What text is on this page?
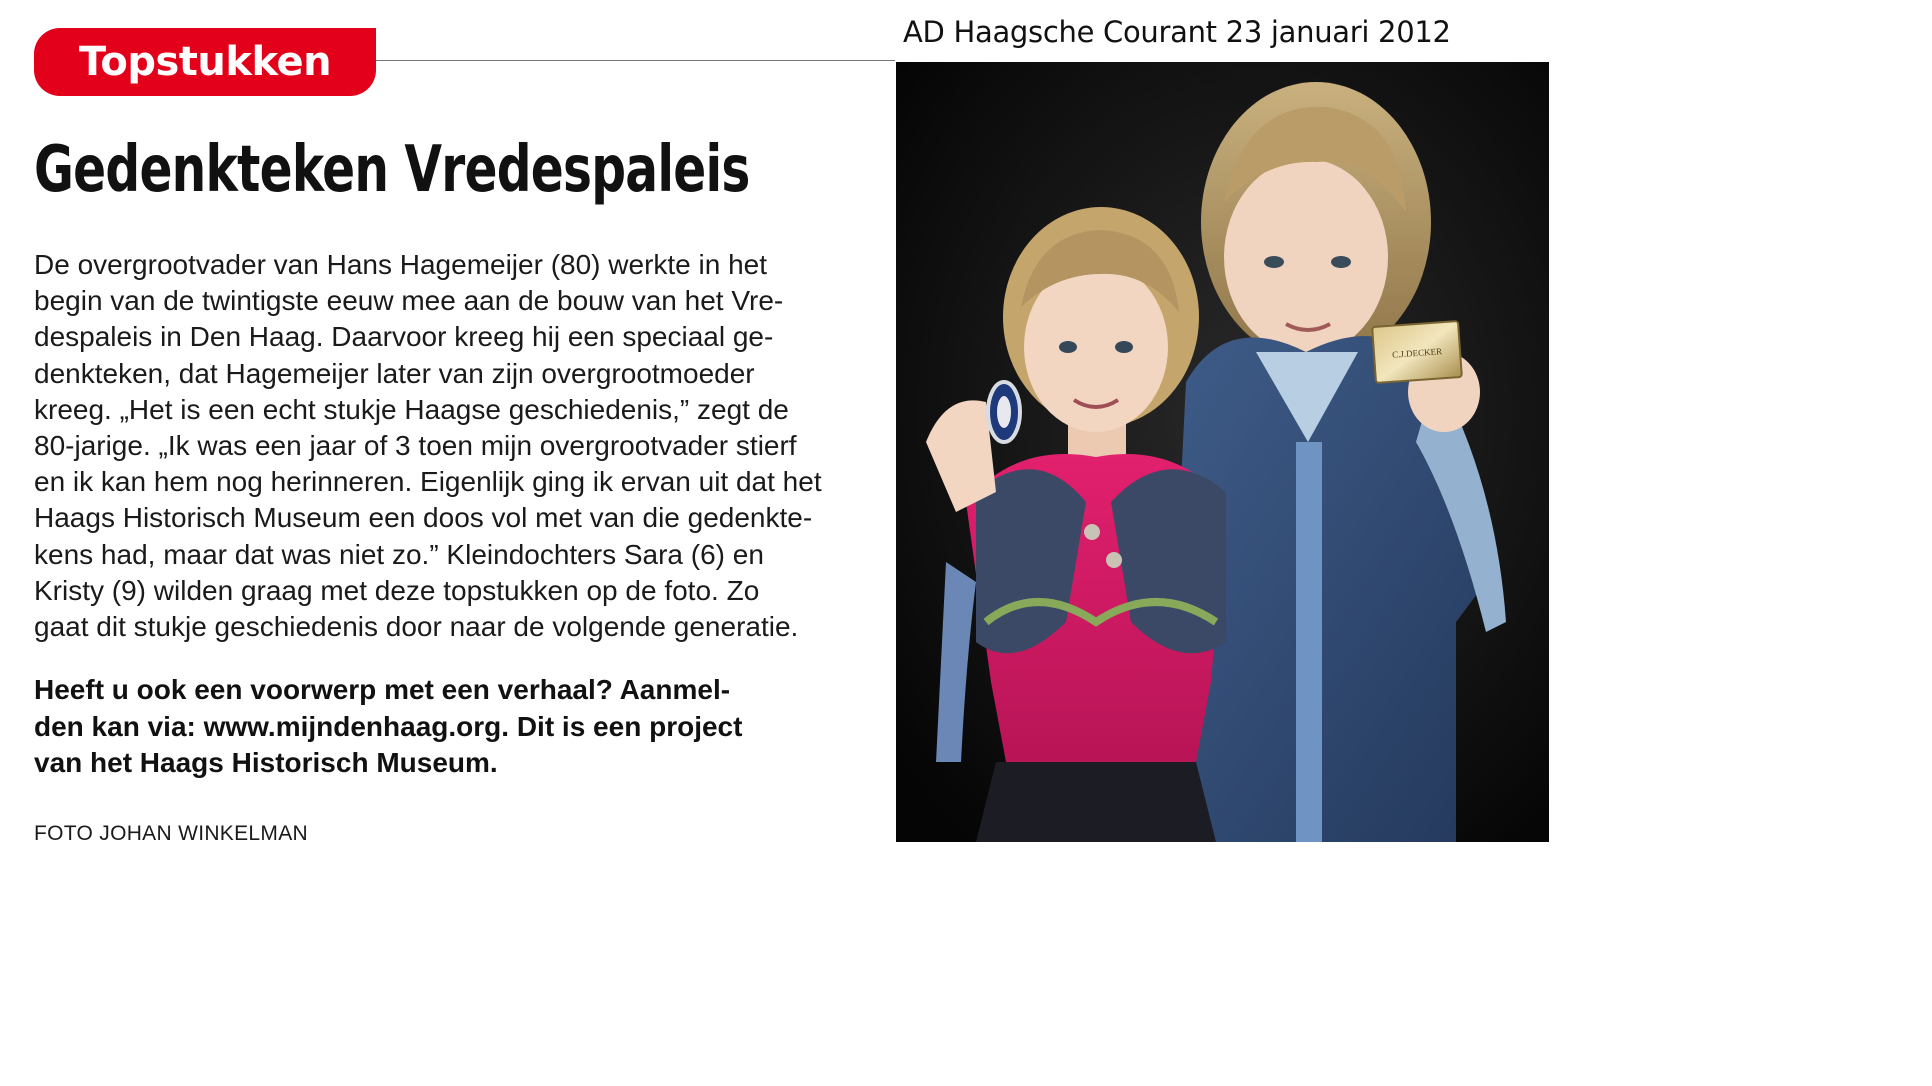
AD Haagsche Courant 23 januari 2012
Topstukken
Gedenkteken Vredespaleis
De overgrootvader van Hans Hagemeijer (80) werkte in het
begin van de twintigste eeuw mee aan de bouw van het Vre-
despaleis in Den Haag. Daarvoor kreeg hij een speciaal ge-
denkteken, dat Hagemeijer later van zijn overgrootmoeder
kreeg. „Het is een echt stukje Haagse geschiedenis,” zegt de
80-jarige. „Ik was een jaar of 3 toen mijn overgrootvader stierf
en ik kan hem nog herinneren. Eigenlijk ging ik ervan uit dat het
Haags Historisch Museum een doos vol met van die gedenkte-
kens had, maar dat was niet zo.” Kleindochters Sara (6) en
Kristy (9) wilden graag met deze topstukken op de foto. Zo
gaat dit stukje geschiedenis door naar de volgende generatie.
Heeft u ook een voorwerp met een verhaal? Aanmel-
den kan via: www.mijndenhaag.org. Dit is een project
van het Haags Historisch Museum.
FOTO JOHAN WINKELMAN
C.J.DECKER
